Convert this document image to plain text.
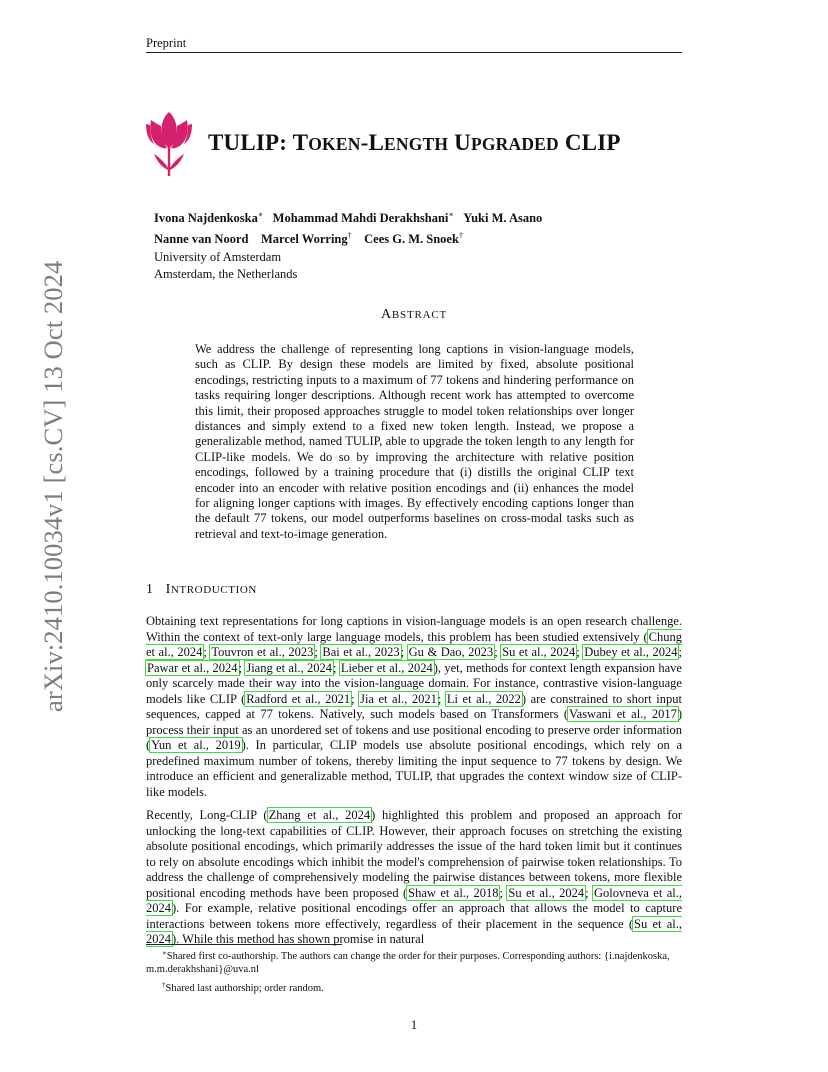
Preprint
arXiv:2410.10034v1 [cs.CV] 13 Oct 2024
TULIP: TOKEN-LENGTH UPGRADED CLIP
Ivona Najdenkoska∗ Mohammad Mahdi Derakhshani∗ Yuki M. Asano
Nanne van Noord Marcel Worring† Cees G. M. Snoek†
University of Amsterdam
Amsterdam, the Netherlands
ABSTRACT
We address the challenge of representing long captions in vision-language models, such as CLIP. By design these models are limited by fixed, absolute positional encodings, restricting inputs to a maximum of 77 tokens and hindering performance on tasks requiring longer descriptions. Although recent work has attempted to overcome this limit, their proposed approaches struggle to model token relationships over longer distances and simply extend to a fixed new token length. Instead, we propose a generalizable method, named TULIP, able to upgrade the token length to any length for CLIP-like models. We do so by improving the architecture with relative position encodings, followed by a training procedure that (i) distills the original CLIP text encoder into an encoder with relative position encodings and (ii) enhances the model for aligning longer captions with images. By effectively encoding captions longer than the default 77 tokens, our model outperforms baselines on cross-modal tasks such as retrieval and text-to-image generation.
1 INTRODUCTION

Obtaining text representations for long captions in vision-language models is an open research challenge. Within the context of text-only large language models, this problem has been studied extensively (Chung et al., 2024; Touvron et al., 2023; Bai et al., 2023; Gu & Dao, 2023; Su et al., 2024; Dubey et al., 2024; Pawar et al., 2024; Jiang et al., 2024; Lieber et al., 2024), yet, methods for context length expansion have only scarcely made their way into the vision-language domain. For instance, contrastive vision-language models like CLIP (Radford et al., 2021; Jia et al., 2021; Li et al., 2022) are constrained to short input sequences, capped at 77 tokens. Natively, such models based on Transformers (Vaswani et al., 2017) process their input as an unordered set of tokens and use positional encoding to preserve order information (Yun et al., 2019). In particular, CLIP models use absolute positional encodings, which rely on a predefined maximum number of tokens, thereby limiting the input sequence to 77 tokens by design. We introduce an efficient and generalizable method, TULIP, that upgrades the context window size of CLIP-like models.

Recently, Long-CLIP (Zhang et al., 2024) highlighted this problem and proposed an approach for unlocking the long-text capabilities of CLIP. However, their approach focuses on stretching the existing absolute positional encodings, which primarily addresses the issue of the hard token limit but it continues to rely on absolute encodings which inhibit the model's comprehension of pairwise token relationships. To address the challenge of comprehensively modeling the pairwise distances between tokens, more flexible positional encoding methods have been proposed (Shaw et al., 2018; Su et al., 2024; Golovneva et al., 2024). For example, relative positional encodings offer an approach that allows the model to capture interactions between tokens more effectively, regardless of their placement in the sequence (Su et al., 2024). While this method has shown promise in natural

∗Shared first co-authorship. The authors can change the order for their purposes. Corresponding authors: {i.najdenkoska, m.m.derakhshani}@uva.nl

†Shared last authorship; order random.

1
